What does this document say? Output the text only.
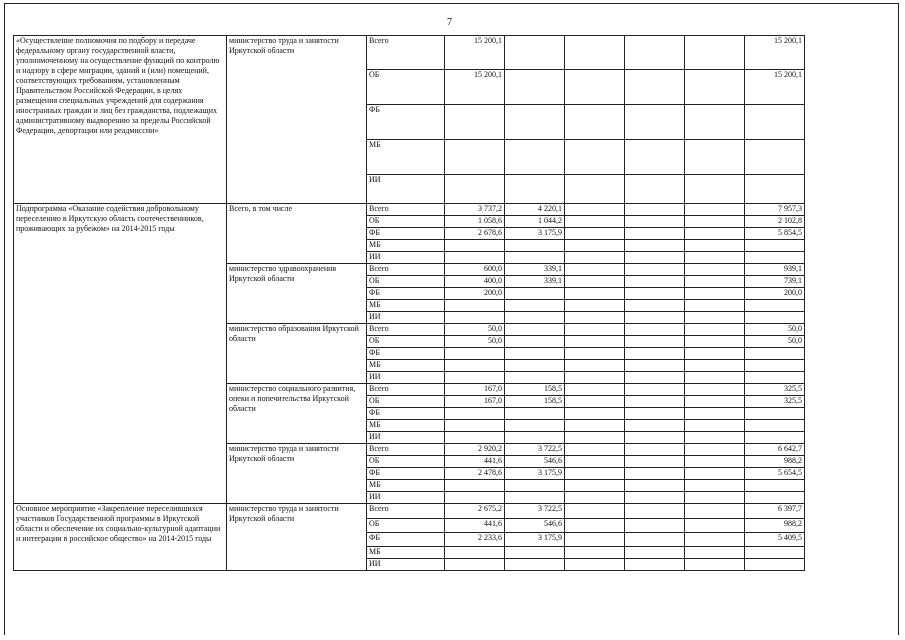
7
«Осуществление полномочия по подбору и передаче федеральному органу государственной власти, уполномоченному на осуществление функций по контролю и надзору в сфере миграции, зданий и (или) помещений, соответствующих требованиям, установленным Правительством Российской Федерации, в целях размещения специальных учреждений для содержания иностранных граждан и лиц без гражданства, подлежащих административному выдворению за пределы Российской Федерации, депортации или реадмиссии»	министерство труда и занятости Иркутской области	Всего	15 200,1					15 200,1
		ОБ	15 200,1					15 200,1
		ФБ						
		МБ						
		ИИ						
Подпрограмма «Оказание содействия добровольному переселению в Иркутскую область соотечественников, проживающих за рубежом» на 2014-2015 годы	Всего, в том числе	Всего	3 737,2	4 220,1				7 957,3
		ОБ	1 058,6	1 044,2				2 102,8
		ФБ	2 678,6	3 175,9				5 854,5
		МБ						
		ИИ						
	министерство здравоохранения Иркутской области	Всего	600,0	339,1				939,1
		ОБ	400,0	339,1				739,1
		ФБ	200,0					200,0
		МБ						
		ИИ						
	министерство образования Иркутской области	Всего	50,0					50,0
		ОБ	50,0					50,0
		ФБ						
		МБ						
		ИИ						
	министерство социального развития, опеки и попечительства Иркутской области	Всего	167,0	158,5				325,5
		ОБ	167,0	158,5				325,5
		ФБ						
		МБ						
		ИИ						
	министерство труда и занятости Иркутской области	Всего	2 920,2	3 722,5				6 642,7
		ОБ	441,6	546,6				988,2
		ФБ	2 478,6	3 175,9				5 654,5
		МБ						
		ИИ						
Основное мероприятие «Закрепление переселившихся участников Государственной программы в Иркутской области и обеспечение их социально-культурной адаптации и интеграции в российское общество» на 2014-2015 годы	министерство труда и занятости Иркутской области	Всего	2 675,2	3 722,5				6 397,7
		ОБ	441,6	546,6				988,2
		ФБ	2 233,6	3 175,9				5 409,5
		МБ						
		ИИ						
